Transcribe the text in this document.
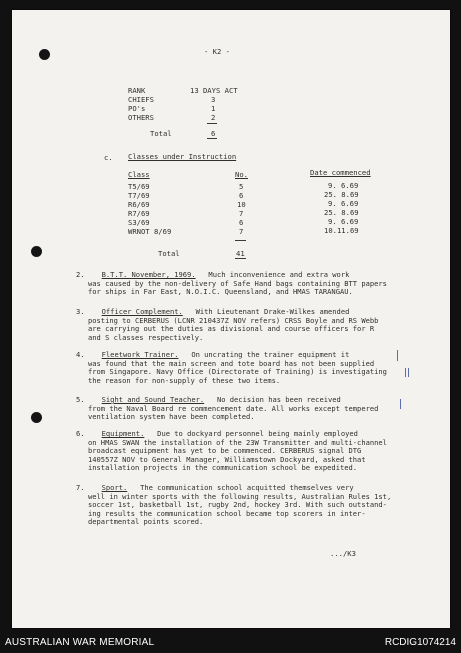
- K2 -
RANK	13 DAYS ACT
CHIEFS	3
PO's	1
OTHERS	2
Total	6
c. Classes under Instruction
Class	No.	Date commenced
T5/69	5	9. 6.69
T7/69	6	25. 8.69
R6/69	10	9. 6.69
R7/69	7	25. 8.69
S3/69	6	9. 6.69
WRNOT 8/69	7	10.11.69
Total	41

2. B.T.T. November, 1969. Much inconvenience and extra work

was caused by the non-delivery of Safe Hand bags containing BTT papers

for ships in Far East, N.O.I.C. Queensland, and HMAS TARANGAU.

3. Officer Complement. With Lieutenant Drake-Wilkes amended

posting to CERBERUS (LCNR 210437Z NOV refers) CRSS Boyle and RS Webb

are carrying out the duties as divisional and course officers for R

and S classes respectively.

4. Fleetwork Trainer. On uncrating the trainer equipment it

was found that the main screen and tote board has not been supplied

from Singapore. Navy Office (Directorate of Training) is investigating

the reason for non-supply of these two items.

5. Sight and Sound Teacher. No decision has been received

from the Naval Board re commencement date. All works except tempered

ventilation system have been completed.

6. Equipment. Due to dockyard personnel being mainly employed

on HMAS SWAN the installation of the 23W Transmitter and multi-channel

broadcast equipment has yet to be commenced. CERBERUS signal DTG

140557Z NOV to General Manager, Williamstown Dockyard, asked that

installation projects in the communication school be expedited.

7. Sport. The communication school acquitted themselves very

well in winter sports with the following results, Australian Rules 1st,

soccer 1st, basketball 1st, rugby 2nd, hockey 3rd. With such outstand-

ing results the communication school became top scorers in inter-

departmental points scored.

.../K3
AUSTRALIAN WAR MEMORIAL	RCDIG1074214
